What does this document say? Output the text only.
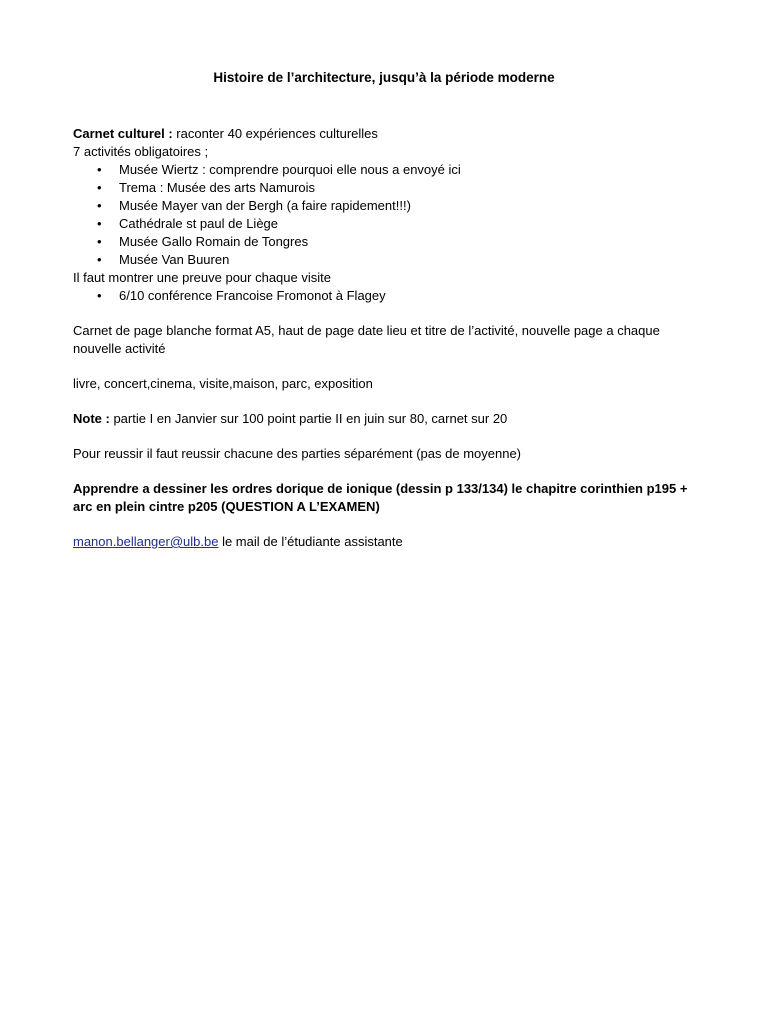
Histoire de l’architecture, jusqu’à la période moderne
Carnet culturel : raconter 40 expériences culturelles
7 activités obligatoires ;
• Musée Wiertz : comprendre pourquoi elle nous a envoyé ici
• Trema : Musée des arts Namurois
• Musée Mayer van der Bergh (a faire rapidement!!!)
• Cathédrale st paul de Liège
• Musée Gallo Romain de Tongres
• Musée Van Buuren
Il faut montrer une preuve pour chaque visite
• 6/10 conférence Francoise Fromonot à Flagey
Carnet de page blanche format A5, haut de page date lieu et titre de l’activité, nouvelle page a chaque nouvelle activité
livre, concert,cinema, visite,maison, parc, exposition
Note : partie I en Janvier sur 100 point partie II en juin sur 80, carnet sur 20
Pour reussir il faut reussir chacune des parties séparément (pas de moyenne)
Apprendre a dessiner les ordres dorique de ionique (dessin p 133/134) le chapitre corinthien p195 + arc en plein cintre p205 (QUESTION A L’EXAMEN)
manon.bellanger@ulb.be le mail de l’étudiante assistante
